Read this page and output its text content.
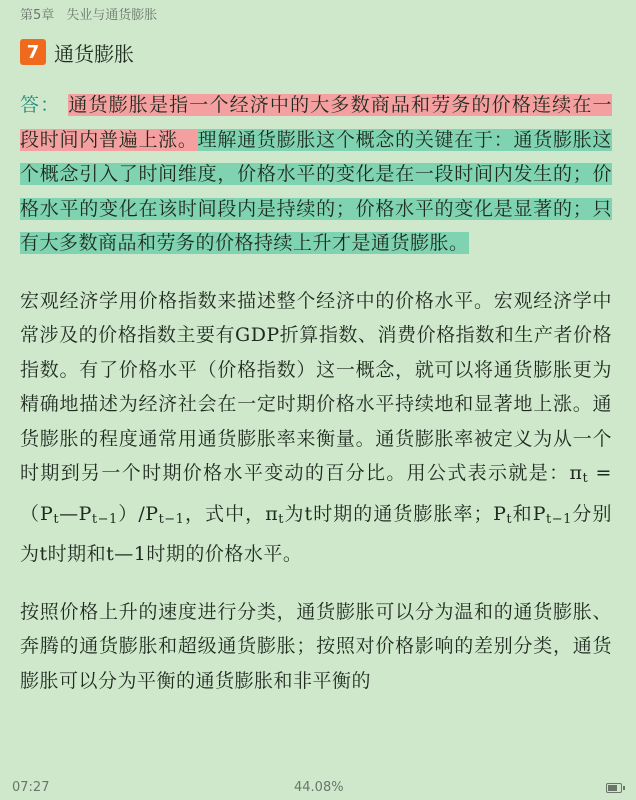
第5章 失业与通货膨胀
7 通货膨胀

答： 通货膨胀是指一个经济中的大多数商品和劳务的价格连续在一段时间内普遍上涨。理解通货膨胀这个概念的关键在于：通货膨胀这个概念引入了时间维度，价格水平的变化是在一段时间内发生的；价格水平的变化在该时间段内是持续的；价格水平的变化是显著的；只有大多数商品和劳务的价格持续上升才是通货膨胀。

宏观经济学用价格指数来描述整个经济中的价格水平。宏观经济学中常涉及的价格指数主要有GDP折算指数、消费价格指数和生产者价格指数。有了价格水平（价格指数）这一概念，就可以将通货膨胀更为精确地描述为经济社会在一定时期价格水平持续地和显著地上涨。通货膨胀的程度通常用通货膨胀率来衡量。通货膨胀率被定义为从一个时期到另一个时期价格水平变动的百分比。用公式表示就是：$\pi_t$ = $(P_t—P_{t-1})/P_{t-1}$，式中，$\pi_t$为t时期的通货膨胀率；$P_t$和$P_{t-1}$分别为t时期和t—1时期的价格水平。

按照价格上升的速度进行分类，通货膨胀可以分为温和的通货膨胀、奔腾的通货膨胀和超级通货膨胀；按照对价格影响的差别分类，通货膨胀可以分为平衡的通货膨胀和非平衡的

07:27	44.08%
